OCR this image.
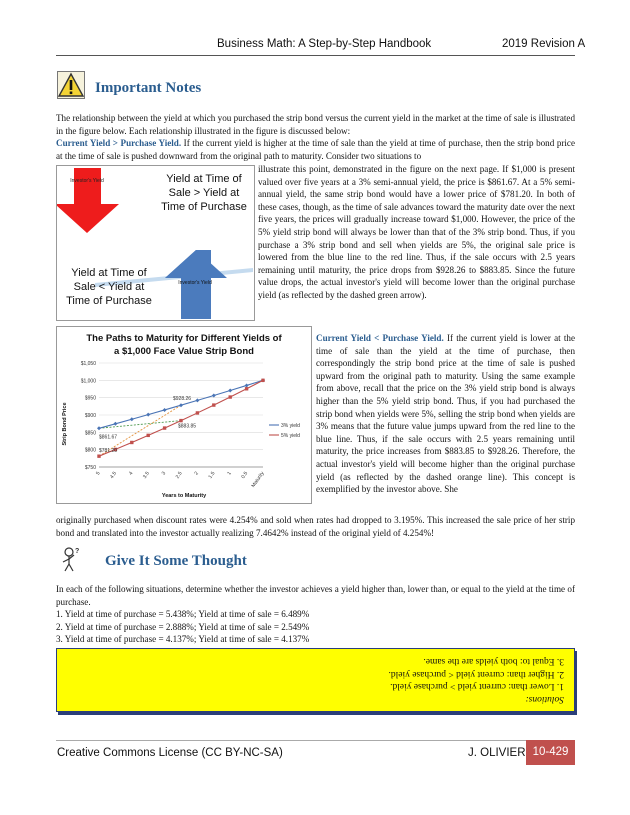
Business Math: A Step-by-Step Handbook	2019 Revision A
Important Notes

The relationship between the yield at which you purchased the strip bond versus the current yield in the market at the time of sale is illustrated in the figure below. Each relationship illustrated in the figure is discussed below:
Current Yield > Purchase Yield. If the current yield is higher at the time of sale than the yield at time of purchase, then the strip bond price at the time of sale is pushed downward from the original path to maturity. Consider two situations to

Investor's Yield
Investor's Yield
Yield at Time of Sale > Yield at Time of Purchase
Yield at Time of Sale < Yield at Time of Purchase

illustrate this point, demonstrated in the figure on the next page. If $1,000 is present valued over five years at a 3% semi-annual yield, the price is $861.67. At a 5% semi-annual yield, the same strip bond would have a lower price of $781.20. In both of these cases, though, as the time of sale advances toward the maturity date over the next five years, the prices will gradually increase toward $1,000. However, the price of the 5% yield strip bond will always be lower than that of the 3% strip bond. Thus, if you purchase a 3% strip bond and sell when yields are 5%, the original sale price is lowered from the blue line to the red line. Thus, if the sale occurs with 2.5 years remaining until maturity, the price drops from $928.26 to $883.85. Since the future value drops, the actual investor's yield will become lower than the original purchase yield (as reflected by the dashed green arrow).

The Paths to Maturity for Different Yields of
a $1,000 Face Value Strip Bond
Years to Maturity
Strip Bond Price
$750
$800
$850
$900
$950
$1,000
$1,050
5 4.5 4 3.5 3 2.5 2 1.5 1 0.5 Maturity
3% yield
5% yield
$928.26
$883.85
$861.67
$781.20

Current Yield < Purchase Yield. If the current yield is lower at the time of sale than the yield at the time of purchase, then correspondingly the strip bond price at the time of sale is pushed upward from the original path to maturity. Using the same example from above, recall that the price on the 3% yield strip bond is always higher than the 5% yield strip bond. Thus, if you had purchased the strip bond when yields were 5%, selling the strip bond when yields are 3% means that the future value jumps upward from the red line to the blue line. Thus, if the sale occurs with 2.5 years remaining until maturity, the price increases from $883.85 to $928.26. Therefore, the actual investor's yield will become higher than the original purchase yield (as reflected by the dashed orange line). This concept is exemplified by the investor above. She

originally purchased when discount rates were 4.254% and sold when rates had dropped to 3.195%. This increased the sale price of her strip bond and translated into the investor actually realizing 7.4642% instead of the original yield of 4.254%!

?
Give It Some Thought

In each of the following situations, determine whether the investor achieves a yield higher than, lower than, or equal to the yield at the time of purchase.

1. Yield at time of purchase = 5.438%; Yield at time of sale = 6.489%
2. Yield at time of purchase = 2.888%; Yield at time of sale = 2.549%
3. Yield at time of purchase = 4.137%; Yield at time of sale = 4.137%
Solutions:
1. Lower than: current yield > purchase yield.
2. Higher than: current yield < purchase yield.
3. Equal to: both yields are the same.
Creative Commons License (CC BY-NC-SA)	J. OLIVIER 10-429
